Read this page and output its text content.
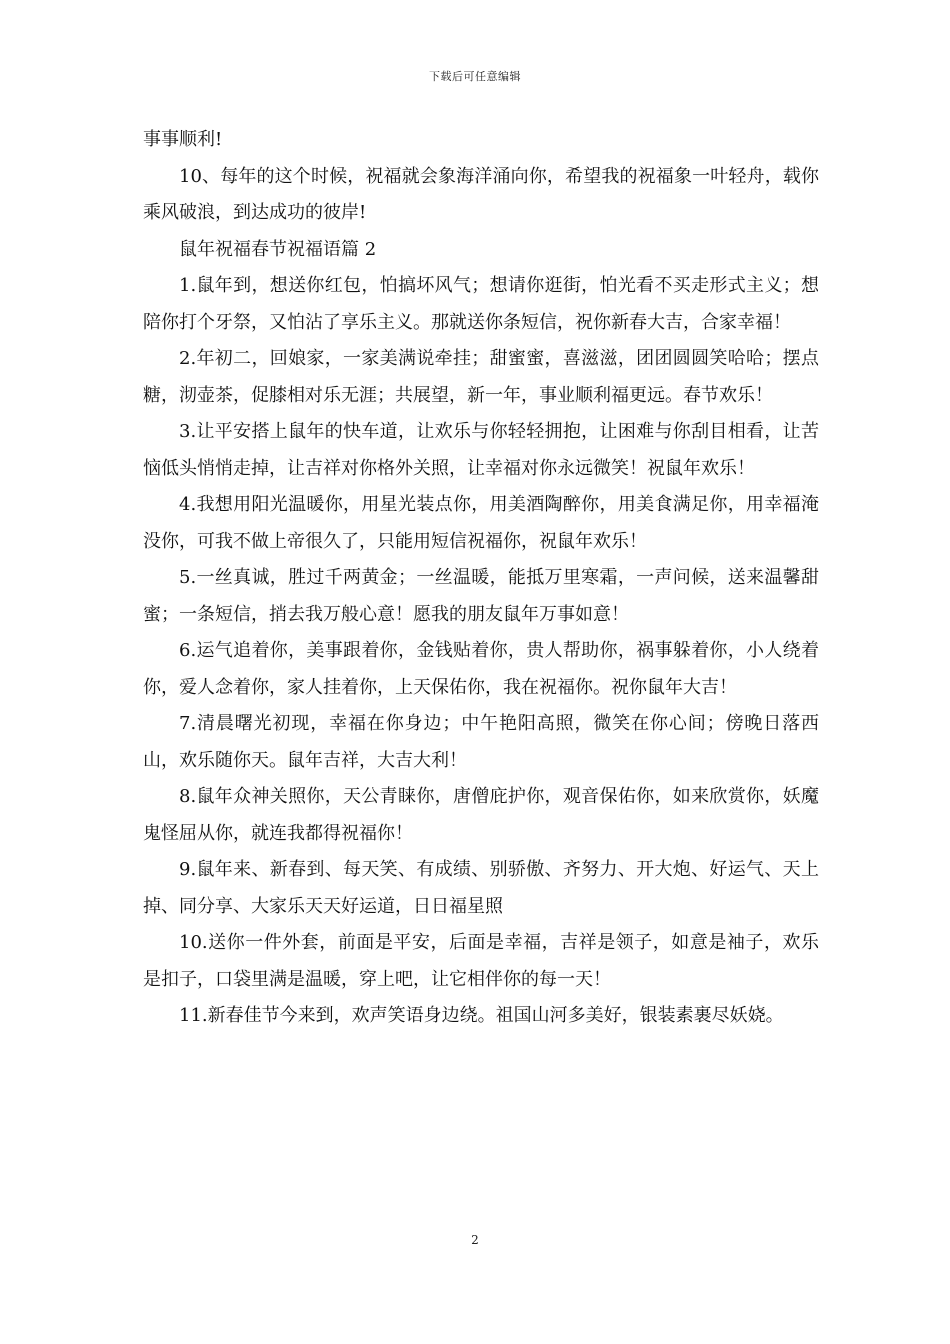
下载后可任意编辑

事事顺利!

10、每年的这个时候，祝福就会象海洋涌向你，希望我的祝福象一叶轻舟，载你乘风破浪，到达成功的彼岸!

鼠年祝福春节祝福语篇 2

1.鼠年到，想送你红包，怕搞坏风气；想请你逛街，怕光看不买走形式主义；想陪你打个牙祭，又怕沾了享乐主义。那就送你条短信，祝你新春大吉，合家幸福！

2.年初二，回娘家，一家美满说牵挂；甜蜜蜜，喜滋滋，团团圆圆笑哈哈；摆点糖，沏壶茶，促膝相对乐无涯；共展望，新一年，事业顺利福更远。春节欢乐！

3.让平安搭上鼠年的快车道，让欢乐与你轻轻拥抱，让困难与你刮目相看，让苦恼低头悄悄走掉，让吉祥对你格外关照，让幸福对你永远微笑！祝鼠年欢乐！

4.我想用阳光温暖你，用星光装点你，用美酒陶醉你，用美食满足你，用幸福淹没你，可我不做上帝很久了，只能用短信祝福你，祝鼠年欢乐！

5.一丝真诚，胜过千两黄金；一丝温暖，能抵万里寒霜，一声问候，送来温馨甜蜜；一条短信，捎去我万般心意！愿我的朋友鼠年万事如意！

6.运气追着你，美事跟着你，金钱贴着你，贵人帮助你，祸事躲着你，小人绕着你，爱人念着你，家人挂着你，上天保佑你，我在祝福你。祝你鼠年大吉！

7.清晨曙光初现，幸福在你身边；中午艳阳高照，微笑在你心间；傍晚日落西山，欢乐随你天。鼠年吉祥，大吉大利！

8.鼠年众神关照你，天公青睐你，唐僧庇护你，观音保佑你，如来欣赏你，妖魔鬼怪屈从你，就连我都得祝福你！

9.鼠年来、新春到、每天笑、有成绩、别骄傲、齐努力、开大炮、好运气、天上掉、同分享、大家乐天天好运道，日日福星照

10.送你一件外套，前面是平安，后面是幸福，吉祥是领子，如意是袖子，欢乐是扣子，口袋里满是温暖，穿上吧，让它相伴你的每一天！

11.新春佳节今来到，欢声笑语身边绕。祖国山河多美好，银装素裹尽妖娆。

2
